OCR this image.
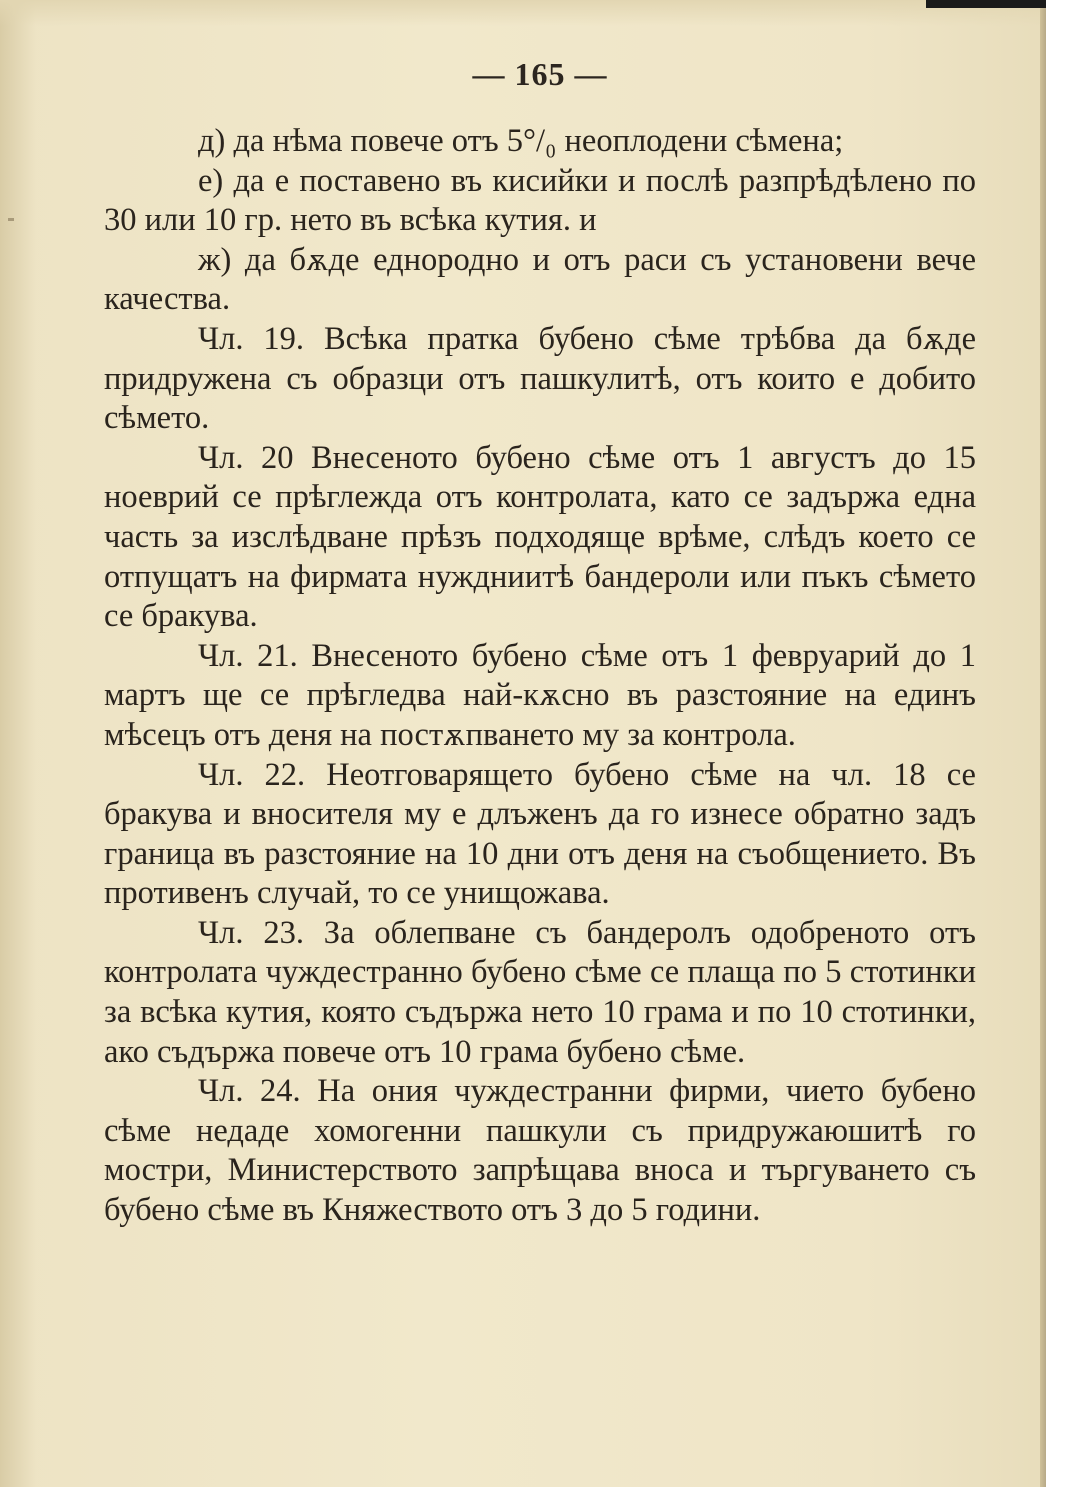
— 165 —

д) да нѣма повече отъ 5°/₀ неоплодени сѣмена;

е) да е поставено въ кисийки и послѣ разпрѣдѣлено по 30 или 10 гр. нето въ всѣка кутия. и

ж) да бѫде еднородно и отъ раси съ установени вече качества.

Чл. 19. Всѣка пратка бубено сѣме трѣбва да бѫде придружена съ образци отъ пашкулитѣ, отъ които е добито сѣмето.

Чл. 20 Внесеното бубено сѣме отъ 1 августъ до 15 ноеврий се прѣглежда отъ контролата, като се задържа една часть за изслѣдване прѣзъ подходяще врѣме, слѣдъ което се отпущатъ на фирмата нуждниитѣ бандероли или пъкъ сѣмето се бракува.

Чл. 21. Внесеното бубено сѣме отъ 1 февруарий до 1 мартъ ще се прѣгледва най-кѫсно въ разстояние на единъ мѣсецъ отъ деня на постѫпването му за контрола.

Чл. 22. Неотговарящето бубено сѣме на чл. 18 се бракува и вносителя му е длъженъ да го изнесе обратно задъ граница въ разстояние на 10 дни отъ деня на съобщението. Въ противенъ случай, то се унищожава.

Чл. 23. За облепване съ бандеролъ одобреното отъ контролата чуждестранно бубено сѣме се плаща по 5 стотинки за всѣка кутия, която съдържа нето 10 грама и по 10 стотинки, ако съдържа повече отъ 10 грама бубено сѣме.

Чл. 24. На ония чуждестранни фирми, чието бубено сѣме недаде хомогенни пашкули съ придружаюшитѣ го мостри, Министерството запрѣщава вноса и търгуването съ бубено сѣме въ Княжеството отъ 3 до 5 години.
